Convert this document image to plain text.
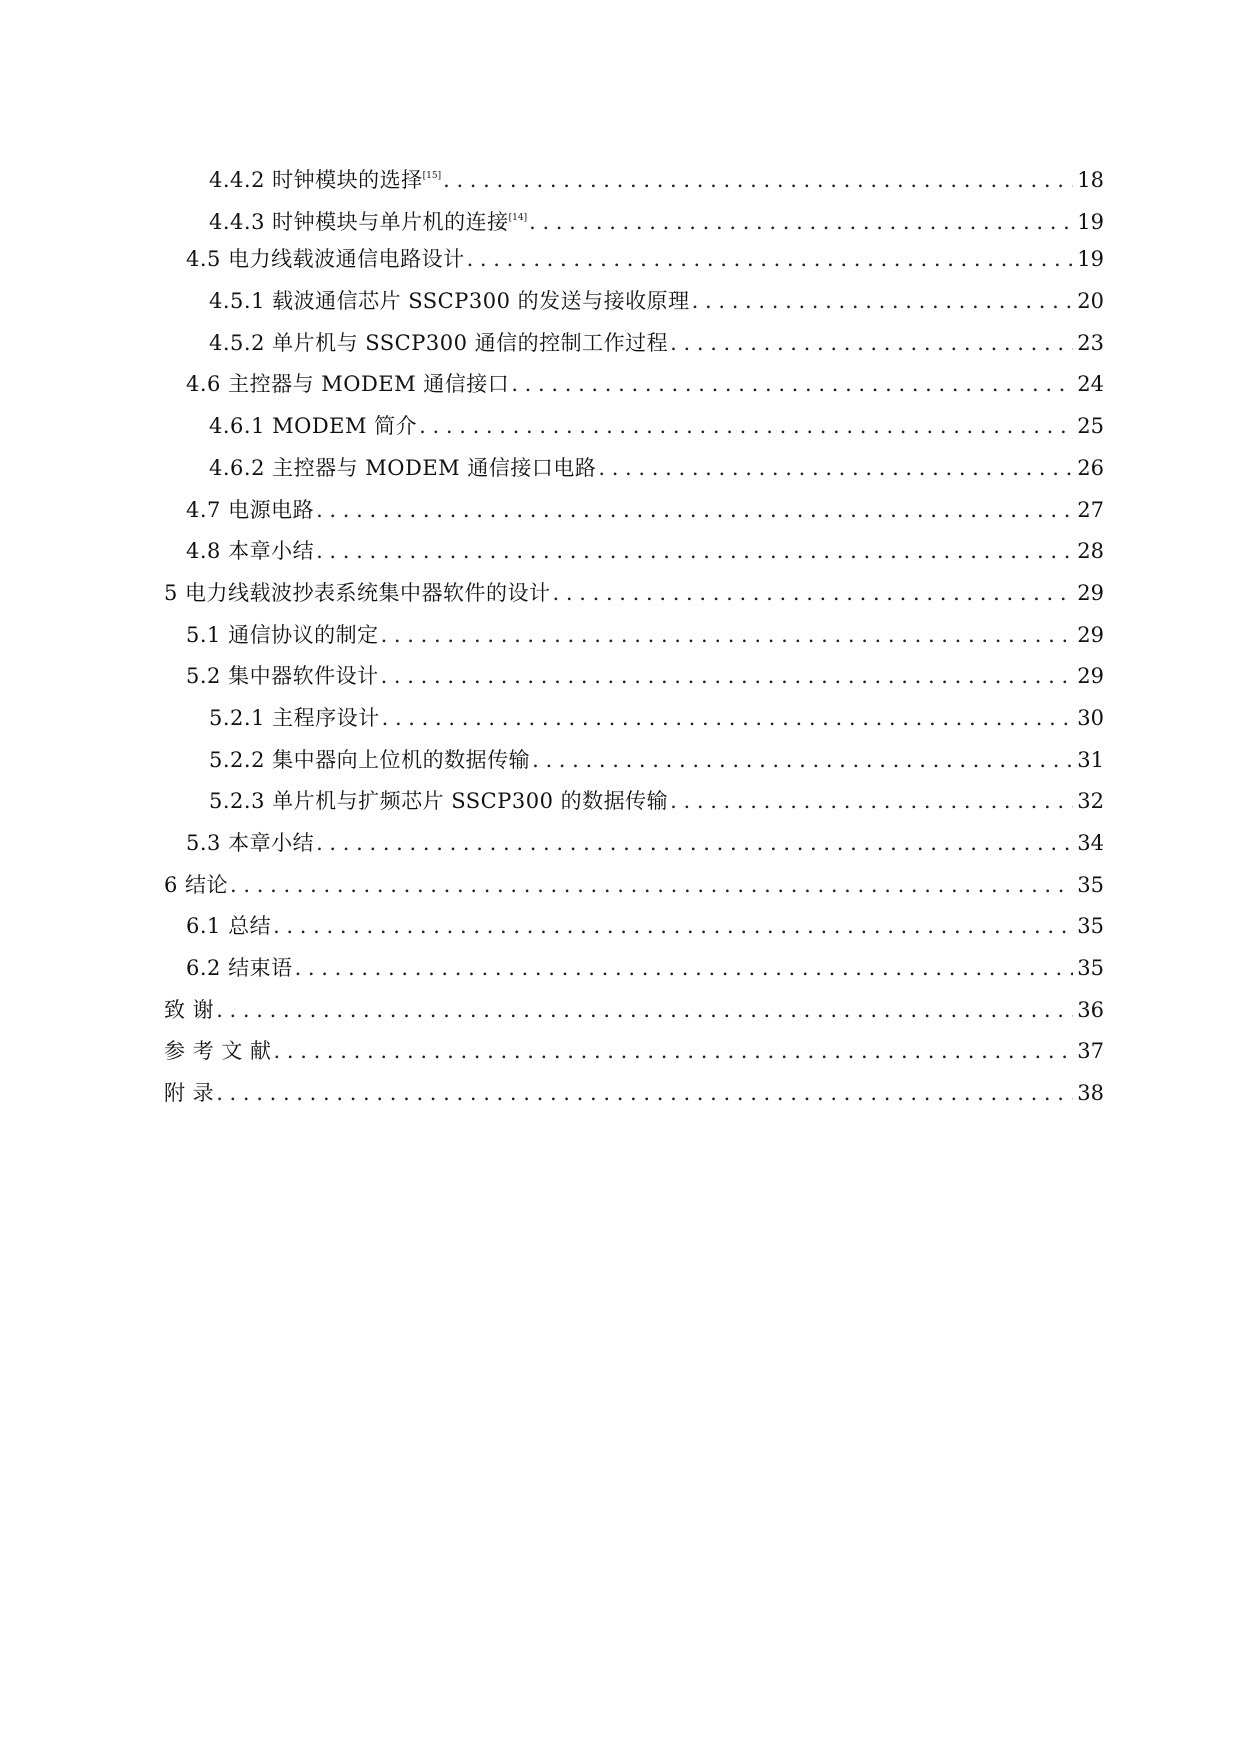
4.4.2 时钟模块的选择[15] . . .	18
4.4.3 时钟模块与单片机的连接[14] . . .	19
4.5 电力线载波通信电路设计 . . .	19
4.5.1 载波通信芯片 SSCP300 的发送与接收原理 . . .	20
4.5.2 单片机与 SSCP300 通信的控制工作过程 . . .	23
4.6 主控器与 MODEM 通信接口 . . .	24
4.6.1 MODEM 简介 . . .	25
4.6.2 主控器与 MODEM 通信接口电路 . . .	26
4.7 电源电路 . . .	27
4.8 本章小结 . . .	28
5 电力线载波抄表系统集中器软件的设计 . . .	29
5.1 通信协议的制定 . . .	29
5.2 集中器软件设计 . . .	29
5.2.1 主程序设计 . . .	30
5.2.2 集中器向上位机的数据传输 . . .	31
5.2.3 单片机与扩频芯片 SSCP300 的数据传输 . . .	32
5.3 本章小结 . . .	34
6 结论 . . .	35
6.1 总结 . . .	35
6.2 结束语 . . .	35
致 谢 . . .	36
参 考 文 献 . . .	37
附 录 . . .	38
